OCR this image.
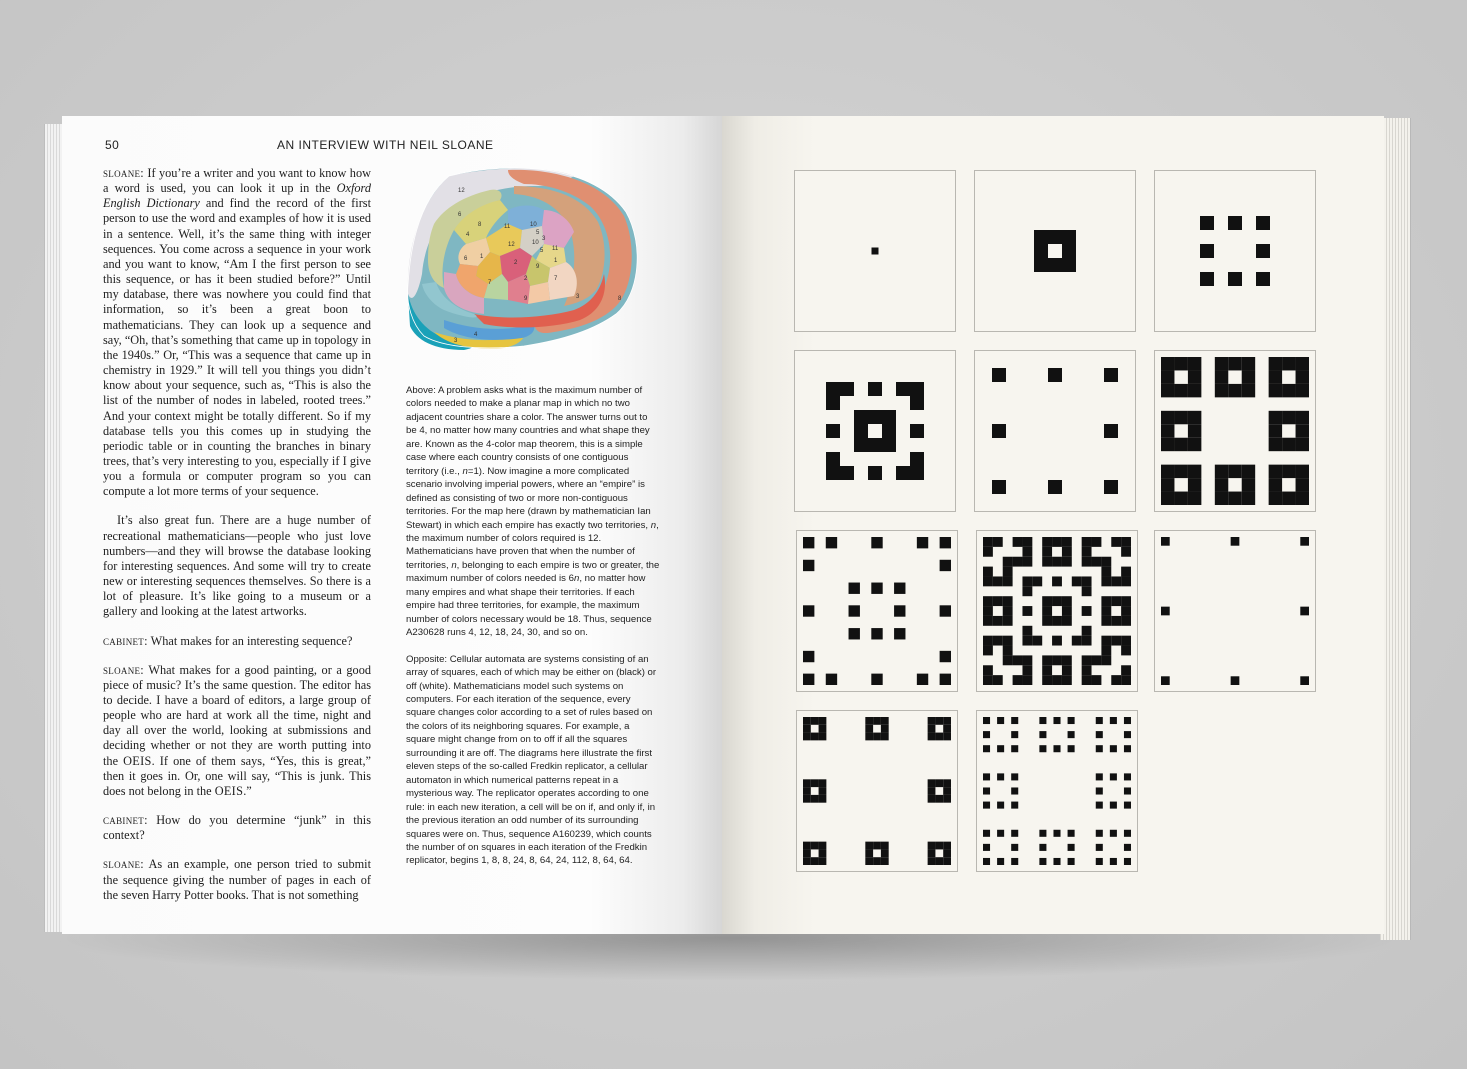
50	AN INTERVIEW WITH NEIL SLOANE

sloane: If you’re a writer and you want to know how a word is used, you can look it up in the Oxford English Dictionary and find the record of the first person to use the word and examples of how it is used in a sentence. Well, it’s the same thing with integer sequences. You come across a sequence in your work and you want to know, “Am I the first person to see this sequence, or has it been studied before?” Until my database, there was nowhere you could find that information, so it’s been a great boon to mathematicians. They can look up a sequence and say, “Oh, that’s something that came up in topology in the 1940s.” Or, “This was a sequence that came up in chemistry in 1929.” It will tell you things you didn’t know about your sequence, such as, “This is also the list of the number of nodes in labeled, rooted trees.” And your context might be totally different. So if my database tells you this comes up in studying the periodic table or in counting the branches in binary trees, that’s very interesting to you, especially if I give you a formula or computer program so you can compute a lot more terms of your sequence.

It’s also great fun. There are a huge number of recreational mathematicians—people who just love numbers—and they will browse the database looking for interesting sequences. And some will try to create new or interesting sequences themselves. So there is a lot of pleasure. It’s like going to a museum or a gallery and looking at the latest artworks.

cabinet: What makes for an interesting sequence?

sloane: What makes for a good painting, or a good piece of music? It’s the same question. The editor has to decide. I have a board of editors, a large group of people who are hard at work all the time, night and day all over the world, looking at submissions and deciding whether or not they are worth putting into the OEIS. If one of them says, “Yes, this is great,” then it goes in. Or, one will say, “This is junk. This does not belong in the OEIS.”

cabinet: How do you determine “junk” in this context?

sloane: As an example, one person tried to submit the sequence giving the number of pages in each of the seven Harry Potter books. That is not something

12
6
8	11	10
5
3
4
1
2
9
5
7
6
12	10
2
1
3	8
11
7
9
4
3

Above: A problem asks what is the maximum number of colors needed to make a planar map in which no two adjacent countries share a color. The answer turns out to be 4, no matter how many countries and what shape they are. Known as the 4-color map theorem, this is a simple case where each country consists of one contiguous territory (i.e., n=1). Now imagine a more complicated scenario involving imperial powers, where an “empire” is defined as consisting of two or more non-contiguous territories. For the map here (drawn by mathematician Ian Stewart) in which each empire has exactly two territories, n, the maximum number of colors required is 12. Mathematicians have proven that when the number of territories, n, belonging to each empire is two or greater, the maximum number of colors needed is 6n, no matter how many empires and what shape their territories. If each empire had three territories, for example, the maximum number of colors necessary would be 18. Thus, sequence A230628 runs 4, 12, 18, 24, 30, and so on.

Opposite: Cellular automata are systems consisting of an array of squares, each of which may be either on (black) or off (white). Mathematicians model such systems on computers. For each iteration of the sequence, every square changes color according to a set of rules based on the colors of its neighboring squares. For example, a square might change from on to off if all the squares surrounding it are off. The diagrams here illustrate the first eleven steps of the so-called Fredkin replicator, a cellular automaton in which numerical patterns repeat in a mysterious way. The replicator operates according to one rule: in each new iteration, a cell will be on if, and only if, in the previous iteration an odd number of its surrounding squares were on. Thus, sequence A160239, which counts the number of on squares in each iteration of the Fredkin replicator, begins 1, 8, 8, 24, 8, 64, 24, 112, 8, 64, 64.
